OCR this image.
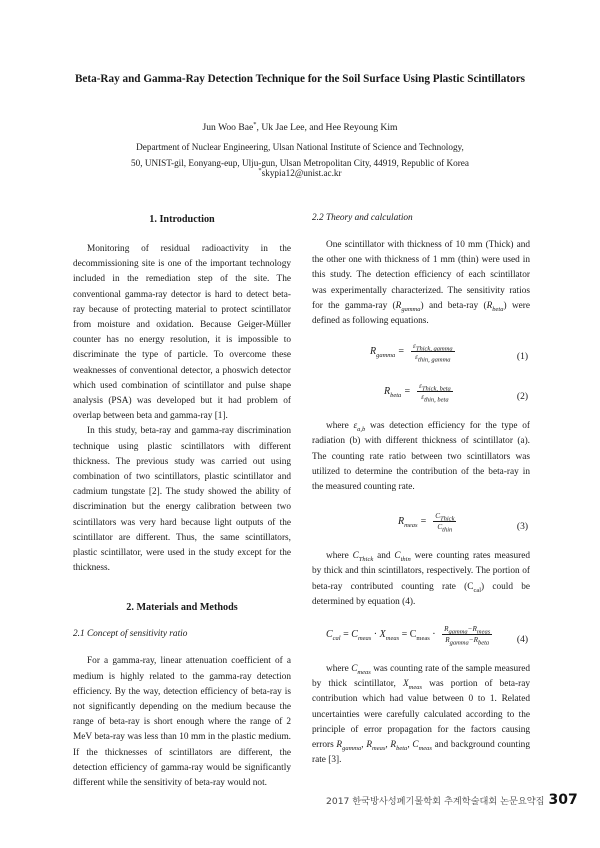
Beta-Ray and Gamma-Ray Detection Technique for the Soil Surface Using Plastic Scintillators
Jun Woo Bae*, Uk Jae Lee, and Hee Reyoung Kim
Department of Nuclear Engineering, Ulsan National Institute of Science and Technology,
50, UNIST-gil, Eonyang-eup, Ulju-gun, Ulsan Metropolitan City, 44919, Republic of Korea
*skypia12@unist.ac.kr
1. Introduction

Monitoring of residual radioactivity in the decommissioning site is one of the important technology included in the remediation step of the site. The conventional gamma-ray detector is hard to detect beta-ray because of protecting material to protect scintillator from moisture and oxidation. Because Geiger-Müller counter has no energy resolution, it is impossible to discriminate the type of particle. To overcome these weaknesses of conventional detector, a phoswich detector which used combination of scintillator and pulse shape analysis (PSA) was developed but it had problem of overlap between beta and gamma-ray [1].

In this study, beta-ray and gamma-ray discrimination technique using plastic scintillators with different thickness. The previous study was carried out using combination of two scintillators, plastic scintillator and cadmium tungstate [2]. The study showed the ability of discrimination but the energy calibration between two scintillators was very hard because light outputs of the scintillator are different. Thus, the same scintillators, plastic scintillator, were used in the study except for the thickness.

2. Materials and Methods
2.1 Concept of sensitivity ratio

For a gamma-ray, linear attenuation coefficient of a medium is highly related to the gamma-ray detection efficiency. By the way, detection efficiency of beta-ray is not significantly depending on the medium because the range of beta-ray is short enough where the range of 2 MeV beta-ray was less than 10 mm in the plastic medium. If the thicknesses of scintillators are different, the detection efficiency of gamma-ray would be significantly different while the sensitivity of beta-ray would not.

2.2 Theory and calculation

One scintillator with thickness of 10 mm (Thick) and the other one with thickness of 1 mm (thin) were used in this study. The detection efficiency of each scintillator was experimentally characterized. The sensitivity ratios for the gamma-ray $(R_{gamma})$ and beta-ray $(R_{beta})$ were defined as following equations.

$R_{gamma} = \frac{\varepsilon_{Thick, gamma}}{\varepsilon_{thin, gamma}}$	(1)
$R_{beta} = \frac{\varepsilon_{Thick, beta}}{\varepsilon_{thin, beta}}$	(2)

where $\varepsilon_{a,b}$ was detection efficiency for the type of radiation (b) with different thickness of scintillator (a). The counting rate ratio between two scintillators was utilized to determine the contribution of the beta-ray in the measured counting rate.

$R_{meas} = \frac{C_{Thick}}{C_{thin}}$	(3)

where $C_{Thick}$ and $C_{thin}$ were counting rates measured by thick and thin scintillators, respectively. The portion of beta-ray contributed counting rate $(C_{cal})$ could be determined by equation (4).

$C_{cal} = C_{meas} \cdot X_{meas} = C_{meas} \cdot \frac{R_{gamma}-R_{meas}}{R_{gamma}-R_{beta}}$	(4)

where $C_{meas}$ was counting rate of the sample measured by thick scintillator, $X_{meas}$ was portion of beta-ray contribution which had value between 0 to 1. Related uncertainties were carefully calculated according to the principle of error propagation for the factors causing errors $R_{gamma}$, $R_{meas}$, $R_{beta}$, $C_{meas}$ and background counting rate [3].

2017 한국방사성폐기물학회 추계학술대회 논문요약집 307
